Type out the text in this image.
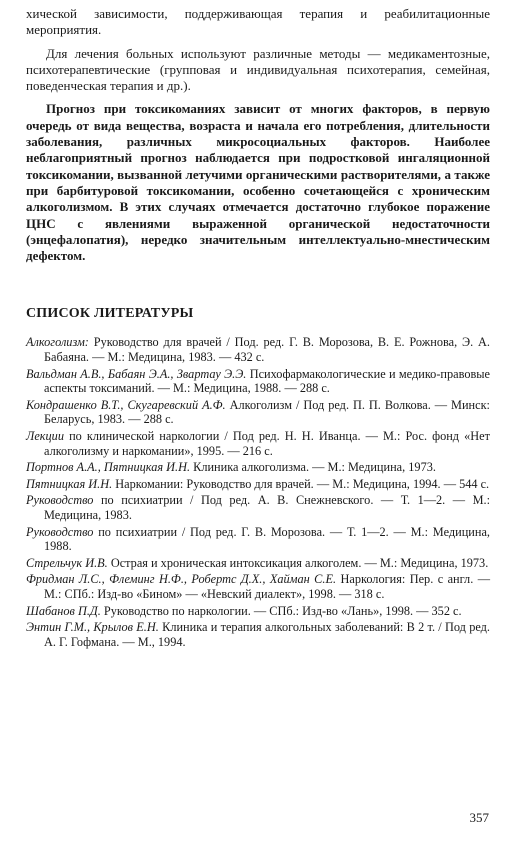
хической зависимости, поддерживающая терапия и реабилитационные мероприятия.

Для лечения больных используют различные методы — медикаментозные, психотерапевтические (групповая и индивидуальная психотерапия, семейная, поведенческая терапия и др.).

Прогноз при токсикоманиях зависит от многих факторов, в первую очередь от вида вещества, возраста и начала его потребления, длительности заболевания, различных микросоциальных факторов. Наиболее неблагоприятный прогноз наблюдается при подростковой ингаляционной токсикомании, вызванной летучими органическими растворителями, а также при барбитуровой токсикомании, особенно сочетающейся с хроническим алкоголизмом. В этих случаях отмечается достаточно глубокое поражение ЦНС с явлениями выраженной органической недостаточности (энцефалопатия), нередко значительным интеллектуально-мнестическим дефектом.

СПИСОК ЛИТЕРАТУРЫ
Алкоголизм: Руководство для врачей / Под. ред. Г. В. Морозова, В. Е. Рожнова, Э. А. Бабаяна. — М.: Медицина, 1983. — 432 с.
Вальдман А.В., Бабаян Э.А., Звартау Э.Э. Психофармакологические и медико-правовые аспекты токсиманий. — М.: Медицина, 1988. — 288 с.
Кондрашенко В.Т., Скугаревский А.Ф. Алкоголизм / Под ред. П. П. Волкова. — Минск: Беларусь, 1983. — 288 с.
Лекции по клинической наркологии / Под ред. Н. Н. Иванца. — М.: Рос. фонд «Нет алкоголизму и наркомании», 1995. — 216 с.
Портнов А.А., Пятницкая И.Н. Клиника алкоголизма. — М.: Медицина, 1973.
Пятницкая И.Н. Наркомании: Руководство для врачей. — М.: Медицина, 1994. — 544 с.
Руководство по психиатрии / Под ред. А. В. Снежневского. — Т. 1—2. — М.: Медицина, 1983.
Руководство по психиатрии / Под ред. Г. В. Морозова. — Т. 1—2. — М.: Медицина, 1988.
Стрельчук И.В. Острая и хроническая интоксикация алкоголем. — М.: Медицина, 1973.
Фридман Л.С., Флеминг Н.Ф., Робертс Д.Х., Хайман С.Е. Наркология: Пер. с англ. — М.: СПб.: Изд-во «Бином» — «Невский диалект», 1998. — 318 с.
Шабанов П.Д. Руководство по наркологии. — СПб.: Изд-во «Лань», 1998. — 352 с.
Энтин Г.М., Крылов Е.Н. Клиника и терапия алкогольных заболеваний: В 2 т. / Под ред. А. Г. Гофмана. — М., 1994.
357
